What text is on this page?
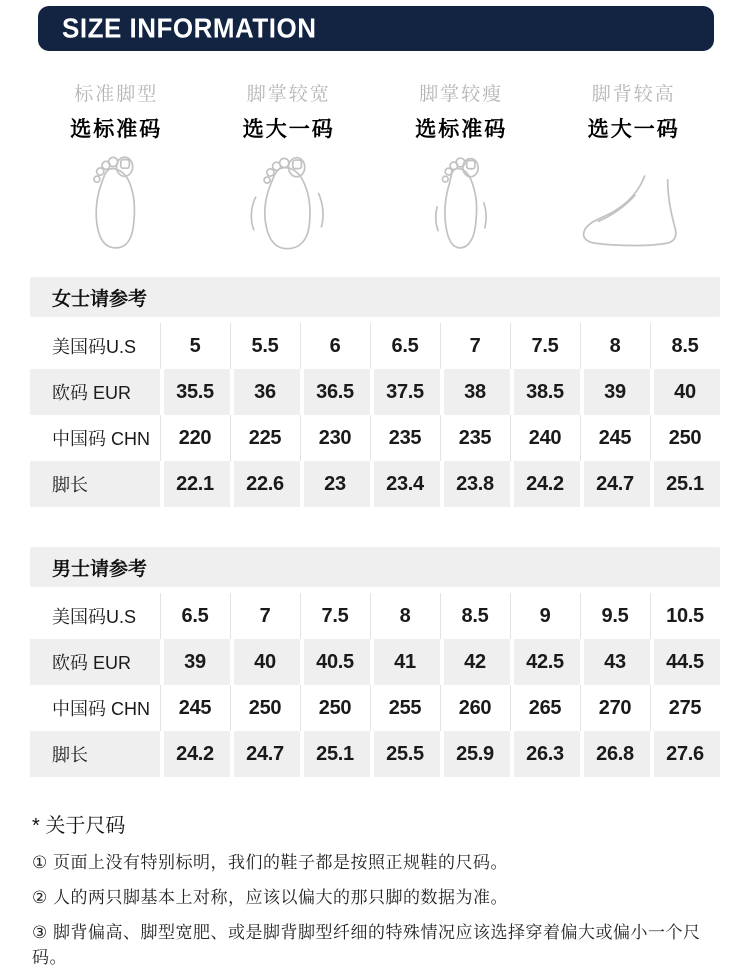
SIZE INFORMATION
标准脚型
选标准码
脚掌较宽
选大一码
脚掌较瘦
选标准码
脚背较高
选大一码
女士请参考
美国码U.S	5	5.5	6	6.5	7	7.5	8	8.5
欧码 EUR	35.5	36	36.5	37.5	38	38.5	39	40
中国码 CHN	220	225	230	235	235	240	245	250
脚长	22.1	22.6	23	23.4	23.8	24.2	24.7	25.1
男士请参考
美国码U.S	6.5	7	7.5	8	8.5	9	9.5	10.5
欧码 EUR	39	40	40.5	41	42	42.5	43	44.5
中国码 CHN	245	250	250	255	260	265	270	275
脚长	24.2	24.7	25.1	25.5	25.9	26.3	26.8	27.6
* 关于尺码
① 页面上没有特别标明，我们的鞋子都是按照正规鞋的尺码。
② 人的两只脚基本上对称，应该以偏大的那只脚的数据为准。
③ 脚背偏高、脚型宽肥、或是脚背脚型纤细的特殊情况应该选择穿着偏大或偏小一个尺码。
